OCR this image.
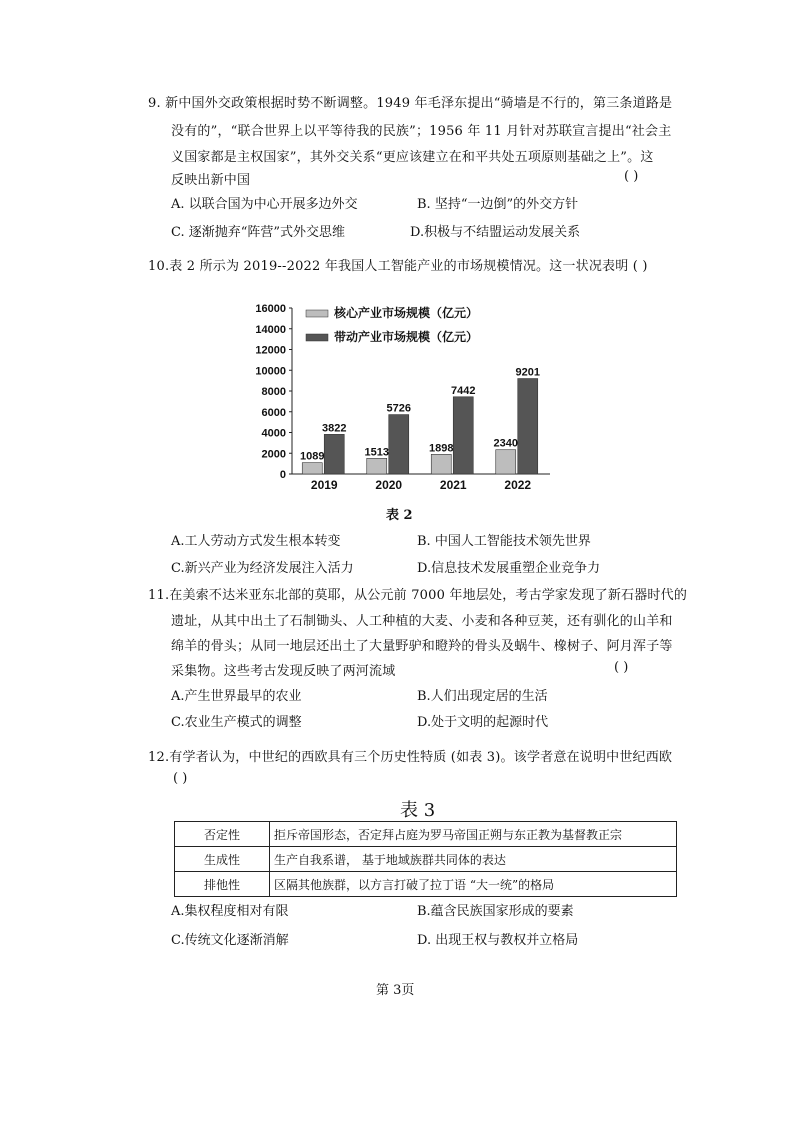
9. 新中国外交政策根据时势不断调整。1949 年毛泽东提出“骑墙是不行的，第三条道路是
没有的”，“联合世界上以平等待我的民族”；1956 年 11 月针对苏联宣言提出“社会主
义国家都是主权国家”，其外交关系“更应该建立在和平共处五项原则基础之上”。这
反映出新中国	( )
A. 以联合国为中心开展多边外交	B. 坚持“一边倒”的外交方针
C. 逐渐抛弃“阵营”式外交思维	D.积极与不结盟运动发展关系
10.表 2 所示为 2019--2022 年我国人工智能产业的市场规模情况。这一状况表明 ( )
0
2000
4000
6000
8000
10000
12000
14000
16000
1089
3822
2019
1513
5726
2020
1898
7442
2021
2340
9201
2022
核心产业市场规模（亿元）
带动产业市场规模（亿元）
表 2
A.工人劳动方式发生根本转变	B. 中国人工智能技术领先世界
C.新兴产业为经济发展注入活力	D.信息技术发展重塑企业竞争力
11.在美索不达米亚东北部的莫耶，从公元前 7000 年地层处，考古学家发现了新石器时代的
遗址，从其中出土了石制锄头、人工种植的大麦、小麦和各种豆荚，还有驯化的山羊和
绵羊的骨头；从同一地层还出土了大量野驴和瞪羚的骨头及蜗牛、橡树子、阿月浑子等
采集物。这些考古发现反映了两河流域	( )
A.产生世界最早的农业	B.人们出现定居的生活
C.农业生产模式的调整	D.处于文明的起源时代
12.有学者认为，中世纪的西欧具有三个历史性特质 (如表 3)。该学者意在说明中世纪西欧
( )
表 3
否定性	拒斥帝国形态，否定拜占庭为罗马帝国正朔与东正教为基督教正宗
生成性	生产自我系谱， 基于地域族群共同体的表达
排他性	区隔其他族群，以方言打破了拉丁语 “大一统”的格局
A.集权程度相对有限	B.蕴含民族国家形成的要素
C.传统文化逐渐消解	D. 出现王权与教权并立格局
第 3页
